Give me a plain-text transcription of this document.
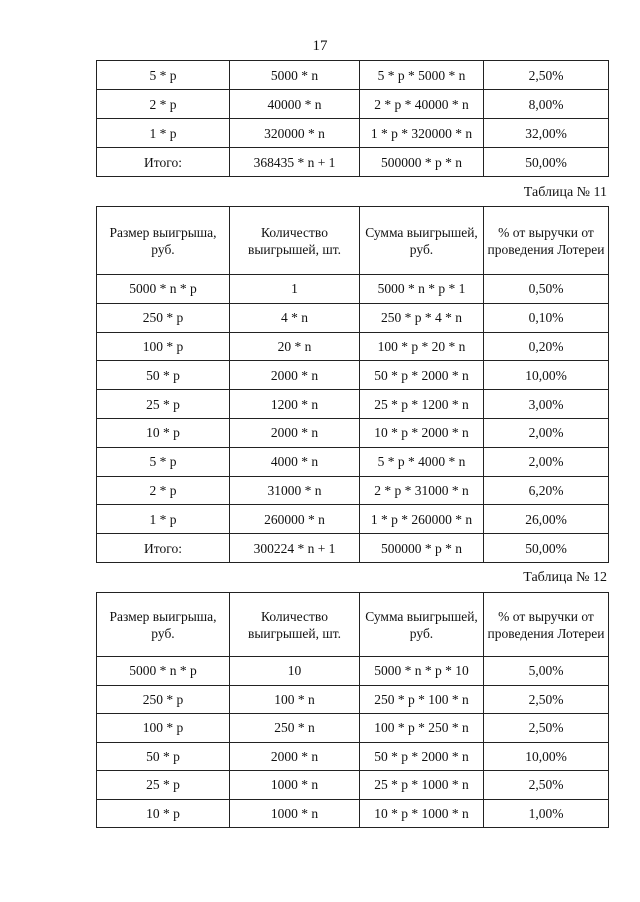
17
5 * р	5000 * n	5 * р * 5000 * n	2,50%
2 * р	40000 * n	2 * р * 40000 * n	8,00%
1 * р	320000 * n	1 * р * 320000 * n	32,00%
Итого:	368435 * n + 1	500000 * р * n	50,00%
Таблица № 11
Размер выигрыша, руб.	Количество выигрышей, шт.	Сумма выигрышей, руб.	% от выручки от проведения Лотереи
5000 * n * р	1	5000 * n * р * 1	0,50%
250 * р	4 * n	250 * р * 4 * n	0,10%
100 * р	20 * n	100 * р * 20 * n	0,20%
50 * р	2000 * n	50 * р * 2000 * n	10,00%
25 * р	1200 * n	25 * р * 1200 * n	3,00%
10 * р	2000 * n	10 * р * 2000 * n	2,00%
5 * р	4000 * n	5 * р * 4000 * n	2,00%
2 * р	31000 * n	2 * р * 31000 * n	6,20%
1 * р	260000 * n	1 * р * 260000 * n	26,00%
Итого:	300224 * n + 1	500000 * р * n	50,00%
Таблица № 12
Размер выигрыша, руб.	Количество выигрышей, шт.	Сумма выигрышей, руб.	% от выручки от проведения Лотереи
5000 * n * р	10	5000 * n * р * 10	5,00%
250 * р	100 * n	250 * р * 100 * n	2,50%
100 * р	250 * n	100 * р * 250 * n	2,50%
50 * р	2000 * n	50 * р * 2000 * n	10,00%
25 * р	1000 * n	25 * р * 1000 * n	2,50%
10 * р	1000 * n	10 * р * 1000 * n	1,00%
